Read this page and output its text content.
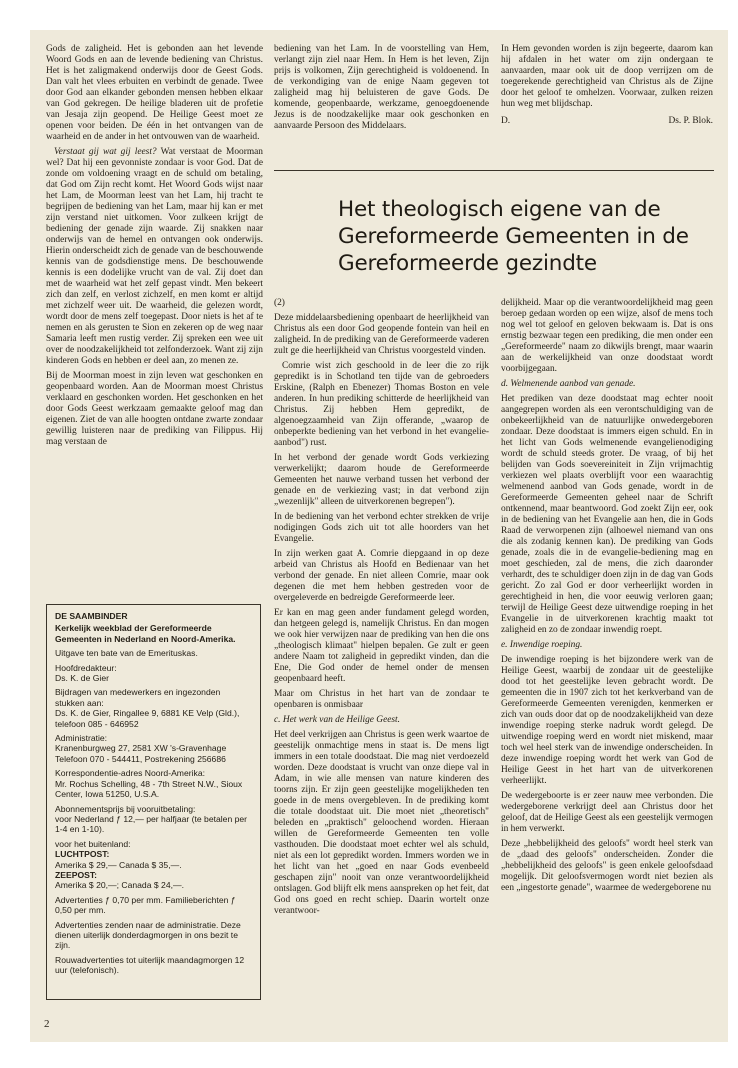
Gods de zaligheid. Het is gebonden aan het levende Woord Gods en aan de levende bediening van Christus. Het is het zaligmakend onderwijs door de Geest Gods. Dan valt het vlees erbuiten en verbindt de genade. Twee door God aan elkander gebonden mensen hebben elkaar van God gekregen. De heilige bladeren uit de profetie van Jesaja zijn geopend. De Heilige Geest moet ze openen voor beiden. De één in het ontvangen van de waarheid en de ander in het ontvouwen van de waarheid.

Verstaat gij wat gij leest? Wat verstaat de Moorman wel? Dat hij een gevonniste zondaar is voor God. Dat de zonde om voldoening vraagt en de schuld om betaling, dat God om Zijn recht komt. Het Woord Gods wijst naar het Lam, de Moorman leest van het Lam, hij tracht te begrijpen de bediening van het Lam, maar hij kan er met zijn verstand niet uitkomen. Voor zulkeen krijgt de bediening der genade zijn waarde. Zij snakken naar onderwijs van de hemel en ontvangen ook onderwijs. Hierin onderscheidt zich de genade van de beschouwende kennis van de godsdienstige mens. De beschouwende kennis is een dodelijke vrucht van de val. Zij doet dan met de waarheid wat het zelf gepast vindt. Men bekeert zich dan zelf, en verlost zichzelf, en men komt er altijd met zichzelf weer uit. De waarheid, die gelezen wordt, wordt door de mens zelf toegepast. Door niets is het af te nemen en als gerusten te Sion en zekeren op de weg naar Samaria leeft men rustig verder. Zij spreken een wee uit over de noodzakelijkheid tot zelfonderzoek. Want zij zijn kinderen Gods en hebben er deel aan, zo menen ze.

Bij de Moorman moest in zijn leven wat geschonken en geopenbaard worden. Aan de Moorman moest Christus verklaard en geschonken worden. Het geschonken en het door Gods Geest werkzaam gemaakte geloof mag dan eigenen. Ziet de van alle hoogten ontdane zwarte zondaar gewillig luisteren naar de prediking van Filippus. Hij mag verstaan de

bediening van het Lam. In de voorstelling van Hem, verlangt zijn ziel naar Hem. In Hem is het leven, Zijn prijs is volkomen, Zijn gerechtigheid is voldoenend. In de verkondiging van de enige Naam gegeven tot zaligheid mag hij beluisteren de gave Gods. De komende, geopenbaarde, werkzame, genoegdoenende Jezus is de noodzakelijke maar ook geschonken en aanvaarde Persoon des Middelaars.

In Hem gevonden worden is zijn begeerte, daarom kan hij afdalen in het water om zijn ondergaan te aanvaarden, maar ook uit de doop verrijzen om de toegerekende gerechtigheid van Christus als de Zijne door het geloof te omhelzen. Voorwaar, zulken reizen hun weg met blijdschap.

D.	Ds. P. Blok.
Het theologisch eigene van de Gereformeerde Gemeenten in de Gereformeerde gezindte

(2)

Deze middelaarsbediening openbaart de heerlijkheid van Christus als een door God geopende fontein van heil en zaligheid. In de prediking van de Gereformeerde vaderen zult ge die heerlijkheid van Christus voorgesteld vinden.

Comrie wist zich geschoold in de leer die zo rijk gepredikt is in Schotland ten tijde van de gebroeders Erskine, (Ralph en Ebenezer) Thomas Boston en vele anderen. In hun prediking schitterde de heerlijkheid van Christus. Zij hebben Hem gepredikt, de algenoegzaamheid van Zijn offerande, „waarop de onbeperkte bediening van het verbond in het evangelie-aanbod") rust.

In het verbond der genade wordt Gods verkiezing verwerkelijkt; daarom houde de Gereformeerde Gemeenten het nauwe verband tussen het verbond der genade en de verkiezing vast; in dat verbond zijn „wezenlijk" alleen de uitverkorenen begrepen").

In de bediening van het verbond echter strekken de vrije nodigingen Gods zich uit tot alle hoorders van het Evangelie.

In zijn werken gaat A. Comrie diepgaand in op deze arbeid van Christus als Hoofd en Bedienaar van het verbond der genade. En niet alleen Comrie, maar ook degenen die met hem hebben gestreden voor de overgeleverde en bedreigde Gereformeerde leer.

Er kan en mag geen ander fundament gelegd worden, dan hetgeen gelegd is, namelijk Christus. En dan mogen we ook hier verwijzen naar de prediking van hen die ons „theologisch klimaat" hielpen bepalen. Ge zult er geen andere Naam tot zaligheid in gepredikt vinden, dan die Ene, Die God onder de hemel onder de mensen geopenbaard heeft.

Maar om Christus in het hart van de zondaar te openbaren is onmisbaar

c. Het werk van de Heilige Geest.

Het deel verkrijgen aan Christus is geen werk waartoe de geestelijk onmachtige mens in staat is. De mens ligt immers in een totale doodstaat. Die mag niet verdoezeld worden. Deze doodstaat is vrucht van onze diepe val in Adam, in wie alle mensen van nature kinderen des toorns zijn. Er zijn geen geestelijke mogelijkheden ten goede in de mens overgebleven. In de prediking komt die totale doodstaat uit. Die moet niet „theoretisch" beleden en „praktisch" geloochend worden. Hieraan willen de Gereformeerde Gemeenten ten volle vasthouden. Die doodstaat moet echter wel als schuld, niet als een lot gepredikt worden. Immers worden we in het licht van het „goed en naar Gods evenbeeld geschapen zijn" nooit van onze verantwoordelijkheid ontslagen. God blijft elk mens aanspreken op het feit, dat God ons goed en recht schiep. Daarin wortelt onze verantwoor-

delijkheid. Maar op die verantwoordelijkheid mag geen beroep gedaan worden op een wijze, alsof de mens toch nog wel tot geloof en geloven bekwaam is. Dat is ons ernstig bezwaar tegen een prediking, die men onder een „Gereformeerde" naam zo dikwijls brengt, maar waarin aan de werkelijkheid van onze doodstaat wordt voorbijgegaan.

d. Welmenende aanbod van genade.

Het prediken van deze doodstaat mag echter nooit aangegrepen worden als een verontschuldiging van de onbekeerlijkheid van de natuurlijke onwedergeboren zondaar. Deze doodstaat is immers eigen schuld. En in het licht van Gods welmenende evangelienodiging wordt de schuld steeds groter. De vraag, of bij het belijden van Gods soevereiniteit in Zijn vrijmachtig verkiezen wel plaats overblijft voor een waarachtig welmenend aanbod van Gods genade, wordt in de Gereformeerde Gemeenten geheel naar de Schrift ontkennend, maar beantwoord. God zoekt Zijn eer, ook in de bediening van het Evangelie aan hen, die in Gods Raad de verworpenen zijn (alhoewel niemand van ons die als zodanig kennen kan). De prediking van Gods genade, zoals die in de evangelie-bediening mag en moet geschieden, zal de mens, die zich daaronder verhardt, des te schuldiger doen zijn in de dag van Gods gericht. Zo zal God er door verheerlijkt worden in gerechtigheid in hen, die voor eeuwig verloren gaan; terwijl de Heilige Geest deze uitwendige roeping in het Evangelie in de uitverkorenen krachtig maakt tot zaligheid en zo de zondaar inwendig roept.

e. Inwendige roeping.

De inwendige roeping is het bijzondere werk van de Heilige Geest, waarbij de zondaar uit de geestelijke dood tot het geestelijke leven gebracht wordt. De gemeenten die in 1907 zich tot het kerkverband van de Gereformeerde Gemeenten verenigden, kenmerken er zich van ouds door dat op de noodzakelijkheid van deze inwendige roeping sterke nadruk wordt gelegd. De uitwendige roeping werd en wordt niet miskend, maar toch wel heel sterk van de inwendige onderscheiden. In deze inwendige roeping wordt het werk van God de Heilige Geest in het hart van de uitverkorenen verheerlijkt.

De wedergeboorte is er zeer nauw mee verbonden. Die wedergeborene verkrijgt deel aan Christus door het geloof, dat de Heilige Geest als een geestelijk vermogen in hem verwerkt.

Deze „hebbelijkheid des geloofs" wordt heel sterk van de „daad des geloofs" onderscheiden. Zonder die „hebbelijkheid des geloofs" is geen enkele geloofsdaad mogelijk. Dit geloofsvermogen wordt niet bezien als een „ingestorte genade", waarmee de wedergeborene nu

DE SAAMBINDER

Kerkelijk weekblad der Gereformeerde Gemeenten in Nederland en Noord-Amerika.

Uitgave ten bate van de Emerituskas.

Hoofdredakteur:
Ds. K. de Gier

Bijdragen van medewerkers en ingezonden stukken aan:
Ds. K. de Gier, Ringallee 9, 6881 KE Velp (Gld.), telefoon 085 - 646952

Administratie:
Kranenburgweg 27, 2581 XW 's-Gravenhage Telefoon 070 - 544411, Postrekening 256686

Korrespondentie-adres Noord-Amerika:
Mr. Rochus Schelling, 48 - 7th Street N.W., Sioux Center, Iowa 51250, U.S.A.

Abonnementsprijs bij vooruitbetaling:
voor Nederland ƒ 12,— per halfjaar (te betalen per 1-4 en 1-10).

voor het buitenland:
LUCHTPOST:
Amerika $ 29,— Canada $ 35,—.
ZEEPOST:
Amerika $ 20,—; Canada $ 24,—.

Advertenties ƒ 0,70 per mm. Familieberichten ƒ 0,50 per mm.

Advertenties zenden naar de administratie. Deze dienen uiterlijk donderdagmorgen in ons bezit te zijn.

Rouwadvertenties tot uiterlijk maandagmorgen 12 uur (telefonisch).

2
